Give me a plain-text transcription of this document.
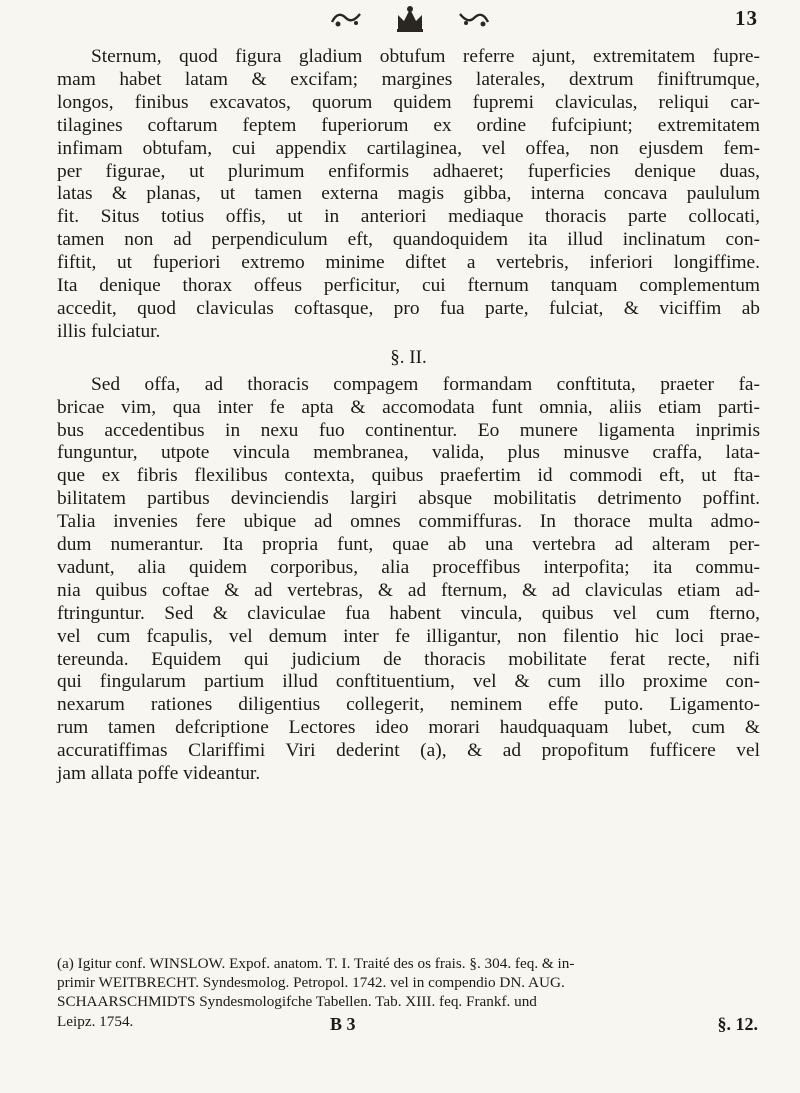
13

Sternum, quod figura gladium obtufum referre ajunt, extremitatem fupre-
mam habet latam & excifam; margines laterales, dextrum finiftrumque,
longos, finibus excavatos, quorum quidem fupremi claviculas, reliqui car-
tilagines coftarum feptem fuperiorum ex ordine fufcipiunt; extremitatem
infimam obtufam, cui appendix cartilaginea, vel offea, non ejusdem fem-
per figurae, ut plurimum enfiformis adhaeret; fuperficies denique duas,
latas & planas, ut tamen externa magis gibba, interna concava paululum
fit. Situs totius offis, ut in anteriori mediaque thoracis parte collocati,
tamen non ad perpendiculum eft, quandoquidem ita illud inclinatum con-
fiftit, ut fuperiori extremo minime diftet a vertebris, inferiori longiffime.
Ita denique thorax offeus perficitur, cui fternum tanquam complementum
accedit, quod claviculas coftasque, pro fua parte, fulciat, & viciffim ab
illis fulciatur.

§. II.

Sed offa, ad thoracis compagem formandam conftituta, praeter fa-
bricae vim, qua inter fe apta & accomodata funt omnia, aliis etiam parti-
bus accedentibus in nexu fuo continentur. Eo munere ligamenta inprimis
funguntur, utpote vincula membranea, valida, plus minusve craffa, lata-
que ex fibris flexilibus contexta, quibus praefertim id commodi eft, ut fta-
bilitatem partibus devinciendis largiri absque mobilitatis detrimento poffint.
Talia invenies fere ubique ad omnes commiffuras. In thorace multa admo-
dum numerantur. Ita propria funt, quae ab una vertebra ad alteram per-
vadunt, alia quidem corporibus, alia proceffibus interpofita; ita commu-
nia quibus coftae & ad vertebras, & ad fternum, & ad claviculas etiam ad-
ftringuntur. Sed & claviculae fua habent vincula, quibus vel cum fterno,
vel cum fcapulis, vel demum inter fe illigantur, non filentio hic loci prae-
tereunda. Equidem qui judicium de thoracis mobilitate ferat recte, nifi
qui fingularum partium illud conftituentium, vel & cum illo proxime con-
nexarum rationes diligentius collegerit, neminem effe puto. Ligamento-
rum tamen defcriptione Lectores ideo morari haudquaquam lubet, cum &
accuratiffimas Clariffimi Viri dederint (a), & ad propofitum fufficere vel
jam allata poffe videantur.

(a) Igitur conf. WINSLOW. Expof. anatom. T. I. Traité des os frais. §. 304. feq. & in-
primir WEITBRECHT. Syndesmolog. Petropol. 1742. vel in compendio DN. AUG.
SCHAARSCHMIDTS Syndesmologifche Tabellen. Tab. XIII. feq. Frankf. und
Leipz. 1754.	B 3	§. 12.
